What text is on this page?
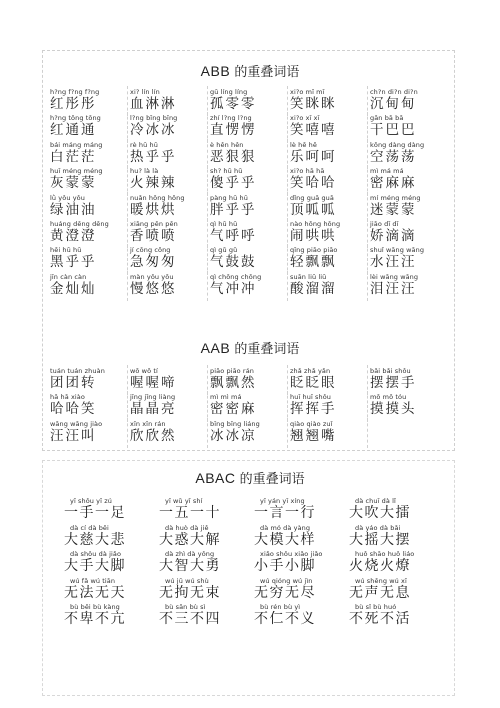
ABB 的重叠词语
h?ng f?ng f?ng
红彤彤
xi? lín lín
血淋淋
gū líng líng
孤零零
xi?o mī mī
笑眯眯
ch?n di?n di?n
沉甸甸
h?ng tōng tōng
红通通
l?ng bīng bīng
冷冰冰
zhí l?ng l?ng
直愣愣
xi?o xī xī
笑嘻嘻
gān bā bā
干巴巴
bái máng máng
白茫茫
rè hū hū
热乎乎
è hěn hěn
恶狠狠
lè hē hē
乐呵呵
kōng dàng dàng
空荡荡
huī méng méng
灰蒙蒙
hu? là là
火辣辣
sh? hū hū
傻乎乎
xi?o hā hā
笑哈哈
mì má má
密麻麻
lǜ yǒu yǒu
绿油油
nuǎn hōng hōng
暖烘烘
pàng hū hū
胖乎乎
dǐng guā guā
顶呱呱
mí méng méng
迷蒙蒙
huáng dēng dēng
黄澄澄
xiāng pēn pēn
香喷喷
qì hū hū
气呼呼
nào hōng hōng
闹哄哄
jiāo dī dī
娇滴滴
hēi hū hū
黑乎乎
jí cōng cōng
急匆匆
qì gǔ gǔ
气鼓鼓
qīng piāo piāo
轻飘飘
shuǐ wāng wāng
水汪汪
jīn càn càn
金灿灿
màn yōu yōu
慢悠悠
qì chōng chōng
气冲冲
suān liū liū
酸溜溜
lèi wāng wāng
泪汪汪
AAB 的重叠词语
tuán tuán zhuàn
团团转
wō wō tí
喔喔啼
piāo piāo rán
飘飘然
zhǎ zhǎ yǎn
眨眨眼
bǎi bǎi shǒu
摆摆手
hā hā xiào
哈哈笑
jīng jīng liàng
晶晶亮
mì mì má
密密麻
huī huī shǒu
挥挥手
mō mō tóu
摸摸头
wāng wāng jiào
汪汪叫
xīn xīn rán
欣欣然
bīng bīng liáng
冰冰凉
qiào qiào zuǐ
翘翘嘴
ABAC 的重叠词语
yī shǒu yī zú
一手一足
yī wǔ yī shí
一五一十
yī yán yī xíng
一言一行
dà chuī dà lǐ
大吹大擂
dà cí dà bēi
大慈大悲
dà huò dà jiě
大惑大解
dà mó dà yàng
大模大样
dà yáo dà bǎi
大摇大摆
dà shǒu dà jiǎo
大手大脚
dà zhì dà yǒng
大智大勇
xiǎo shǒu xiǎo jiǎo
小手小脚
huǒ shāo huǒ liáo
火烧火燎
wú fǎ wú tiān
无法无天
wú jū wú shù
无拘无束
wú qióng wú jìn
无穷无尽
wú shēng wú xī
无声无息
bù bēi bù kàng
不卑不亢
bù sān bù sì
不三不四
bù rén bù yì
不仁不义
bù sǐ bù huó
不死不活
